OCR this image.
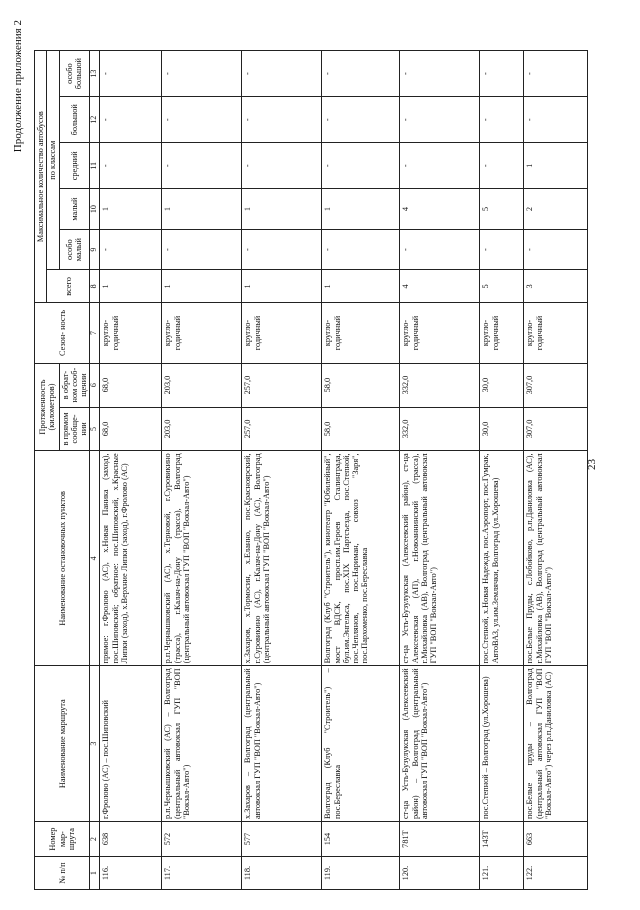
23
Продолжение приложения 2
№ п/п	Номер мар- шрута	Наименование маршрута	Наименование остановочных пунктов	Протяженность (километров)		Сезон- ность	Максимальное количество автобусов					
							всего	по классам				
				в прямом сообще- нии	в обрат- ном сооб- щении			особо малый	малый	средний	большой	особо большой
1	2	3	4	5	6	7	8	9	10	11	12	13
116.	638	г.Фролово (АС) – пос.Шиповский	прямое: г.Фролово (АС), х.Новая Паника (заход), пос.Шиповский; обратное: пос.Шиповский, х.Красные Липки (заход), х.Верхние Липки (заход), г.Фролово (АС)	68,0	68,0	кругло- годичный	1	-	1	-	-	-
117.	572	р.п.Чернышковский (АС) – Волгоград (центральный автовокзал ГУП "ВОП "Вокзал-Авто")	р.п.Чернышковский (АС), х.Терновой, г.Суровикино (трасса), г.Калач-на-Дону (трасса), Волгоград (центральный автовокзал ГУП "ВОП "Вокзал-Авто")	203,0	203,0	кругло- годичный	1	-	1	-	-	-
118.	577	х.Захаров – Волгоград (центральный автовокзал ГУП "ВОП "Вокзал-Авто")	х.Захаров, х.Тормосин, х.Еланно, пос.Красноярский, г.Суровикино (АС), г.Калач-на-Дону (АС), Волгоград (центральный автовокзал ГУП "ВОП "Вокзал-Авто")	257,0	257,0	кругло- годичный	1	-	1	-	-	-
119.	154	Волгоград (Клуб "Строитель") – пос.Береславка	Волгоград (Клуб "Строитель"), кинотеатр "Юбилейный", мост ВДСК, просп.им.Героев Сталинграда, бул.им.Энгельса, пос.XIX Партсъезда, пос.Степной, пос.Чеплянов, пос.Нариман, совхоз "Заря", пос.Пархоменко, пос.Береславка	58,0	58,0	кругло- годичный	1	-	1	-	-	-
120.	781Т	ст-ца Усть-Бузулукская (Алексеевский район) – Волгоград (центральный автовокзал ГУП "ВОП "Вокзал-Авто")	ст-ца Усть-Бузулукская (Алексеевский район), ст-ца Алексеевская (АП), г.Новоаннинский (трасса), г.Михайловка (АВ), Волгоград (центральный автовокзал ГУП "ВОП "Вокзал-Авто")	332,0	332,0	кругло- годичный	4	-	4	-	-	-
121.	143Т	пос.Степной – Волгоград (ул.Хорошева)	пос.Степной, х.Новая Надежда, пос.Аэропорт, пос.Гумрак, АвтоВАЗ, ул.им.Землячки, Волгоград (ул.Хорошева)	30,0	30,0	кругло- годичный	5	-	5	-	-	-
122.	663	пос.Белые пруды – Волгоград (центральный автовокзал ГУП "ВОП "Вокзал-Авто") через р.п.Даниловка (АС)	пос.Белые Пруды, с.Лобойково, р.п.Даниловка (АС), г.Михайловка (АВ), Волгоград (центральный автовокзал ГУП "ВОП "Вокзал-Авто")	307,0	307,0	кругло- годичный	3	-	2	1	-	-
